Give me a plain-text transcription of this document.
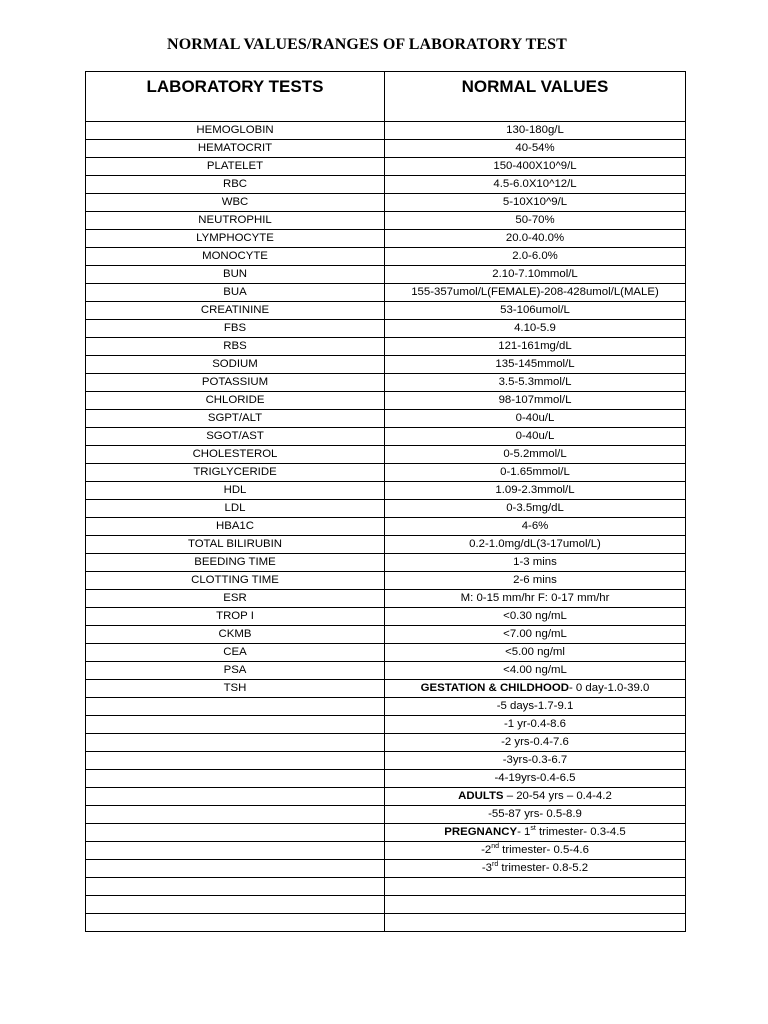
NORMAL VALUES/RANGES OF LABORATORY TEST
LABORATORY TESTS	NORMAL VALUES
HEMOGLOBIN	130-180g/L
HEMATOCRIT	40-54%
PLATELET	150-400X10^9/L
RBC	4.5-6.0X10^12/L
WBC	5-10X10^9/L
NEUTROPHIL	50-70%
LYMPHOCYTE	20.0-40.0%
MONOCYTE	2.0-6.0%
BUN	2.10-7.10mmol/L
BUA	155-357umol/L(FEMALE)-208-428umol/L(MALE)
CREATININE	53-106umol/L
FBS	4.10-5.9
RBS	121-161mg/dL
SODIUM	135-145mmol/L
POTASSIUM	3.5-5.3mmol/L
CHLORIDE	98-107mmol/L
SGPT/ALT	0-40u/L
SGOT/AST	0-40u/L
CHOLESTEROL	0-5.2mmol/L
TRIGLYCERIDE	0-1.65mmol/L
HDL	1.09-2.3mmol/L
LDL	0-3.5mg/dL
HBA1C	4-6%
TOTAL BILIRUBIN	0.2-1.0mg/dL(3-17umol/L)
BEEDING TIME	1-3 mins
CLOTTING TIME	2-6 mins
ESR	M: 0-15 mm/hr F: 0-17 mm/hr
TROP I	<0.30 ng/mL
CKMB	<7.00 ng/mL
CEA	<5.00 ng/ml
PSA	<4.00 ng/mL
TSH	GESTATION & CHILDHOOD- 0 day-1.0-39.0
	-5 days-1.7-9.1
	-1 yr-0.4-8.6
	-2 yrs-0.4-7.6
	-3yrs-0.3-6.7
	-4-19yrs-0.4-6.5
	ADULTS – 20-54 yrs – 0.4-4.2
	-55-87 yrs- 0.5-8.9
	PREGNANCY- 1st trimester- 0.3-4.5
	-2nd trimester- 0.5-4.6
	-3rd trimester- 0.8-5.2
